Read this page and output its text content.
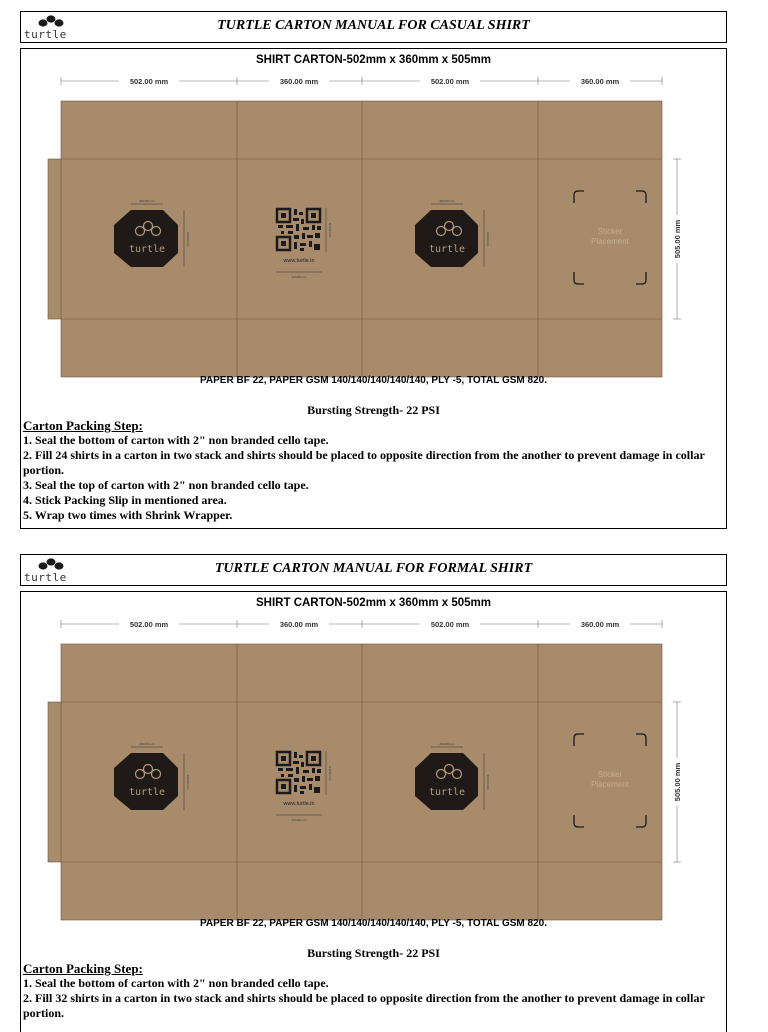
turtle
TURTLE CARTON MANUAL FOR CASUAL SHIRT
SHIRT CARTON-502mm x 360mm x 505mm
502.00 mm	360.00 mm	502.00 mm	360.00 mm
turtle
260.00 mm
160.00 mm
www.turtle.in
120.00 mm
115.00 mm
turtle
260.00 mm
160.00 mm	Sticker
Placement	505.00 mm
PAPER BF 22, PAPER GSM 140/140/140/140/140, PLY -5, TOTAL GSM 820.
Bursting Strength- 22 PSI
Carton Packing Step:

1. Seal the bottom of carton with 2" non branded cello tape.

2. Fill 24 shirts in a carton in two stack and shirts should be placed to opposite direction from the another to prevent damage in collar portion.

3. Seal the top of carton with 2" non branded cello tape.

4. Stick Packing Slip in mentioned area.

5. Wrap two times with Shrink Wrapper.

turtle
TURTLE CARTON MANUAL FOR FORMAL SHIRT
SHIRT CARTON-502mm x 360mm x 505mm
502.00 mm	360.00 mm	502.00 mm	360.00 mm
turtle
260.00 mm
160.00 mm
www.turtle.in
120.00 mm
115.00 mm
turtle
260.00 mm
160.00 mm	Sticker
Placement	505.00 mm
PAPER BF 22, PAPER GSM 140/140/140/140/140, PLY -5, TOTAL GSM 820.
Bursting Strength- 22 PSI
Carton Packing Step:

1. Seal the bottom of carton with 2" non branded cello tape.

2. Fill 32 shirts in a carton in two stack and shirts should be placed to opposite direction from the another to prevent damage in collar portion.
